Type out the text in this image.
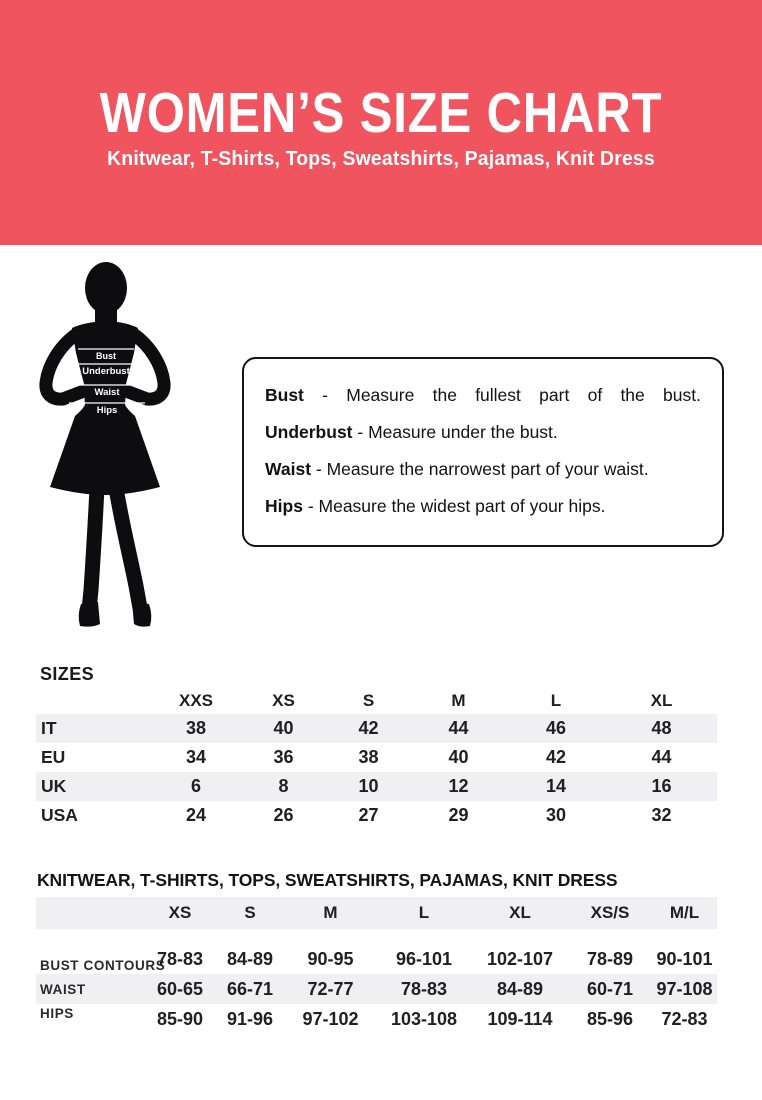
WOMEN’S SIZE CHART
Knitwear, T-Shirts, Tops, Sweatshirts, Pajamas, Knit Dress
Bust
Underbust
Waist
Hips

Bust - Measure the fullest part of the bust.

Underbust - Measure under the bust.

Waist - Measure the narrowest part of your waist.

Hips - Measure the widest part of your hips.

SIZES
	XXS	XS	S	M	L	XL
IT	38	40	42	44	46	48
EU	34	36	38	40	42	44
UK	6	8	10	12	14	16
USA	24	26	27	29	30	32
KNITWEAR, T-SHIRTS, TOPS, SWEATSHIRTS, PAJAMAS, KNIT DRESS
	XS	S	M	L	XL	XS/S	M/L

BUST CONTOURS	78-83	84-89	90-95	96-101	102-107	78-89	90-101
WAIST	60-65	66-71	72-77	78-83	84-89	60-71	97-108
HIPS	85-90	91-96	97-102	103-108	109-114	85-96	72-83
